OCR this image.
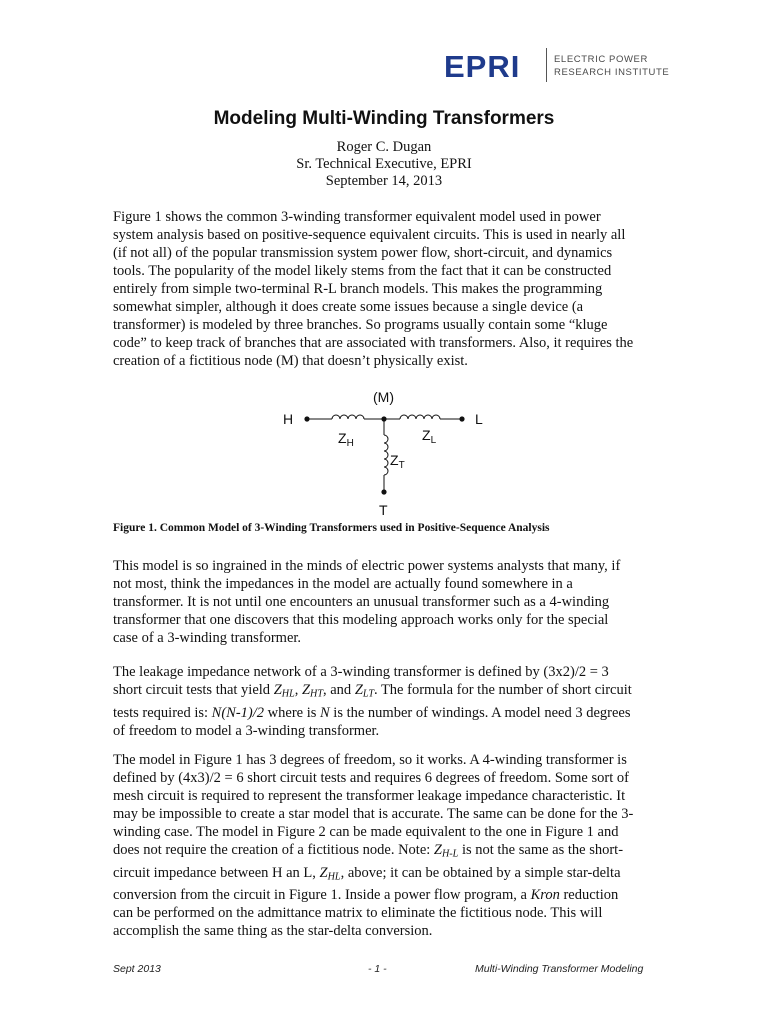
EPRI	ELECTRIC POWER
RESEARCH INSTITUTE
Modeling Multi-Winding Transformers
Roger C. Dugan
Sr. Technical Executive, EPRI
September 14, 2013
Figure 1 shows the common 3-winding transformer equivalent model used in power
system analysis based on positive-sequence equivalent circuits. This is used in nearly all
(if not all) of the popular transmission system power flow, short-circuit, and dynamics
tools. The popularity of the model likely stems from the fact that it can be constructed
entirely from simple two-terminal R-L branch models. This makes the programming
somewhat simpler, although it does create some issues because a single device (a
transformer) is modeled by three branches. So programs usually contain some “kluge
code” to keep track of branches that are associated with transformers. Also, it requires the
creation of a fictitious node (M) that doesn’t physically exist.
(M)
H	L
T
$Z_H$
$Z_L$
$Z_T$
Figure 1. Common Model of 3-Winding Transformers used in Positive-Sequence Analysis
This model is so ingrained in the minds of electric power systems analysts that many, if
not most, think the impedances in the model are actually found somewhere in a
transformer. It is not until one encounters an unusual transformer such as a 4-winding
transformer that one discovers that this modeling approach works only for the special
case of a 3-winding transformer.
The leakage impedance network of a 3-winding transformer is defined by (3x2)/2 = 3
short circuit tests that yield $Z_{HL}$, $Z_{HT}$, and $Z_{LT}$. The formula for the number of short circuit
tests required is: N(N-1)/2 where is N is the number of windings. A model need 3 degrees
of freedom to model a 3-winding transformer.
The model in Figure 1 has 3 degrees of freedom, so it works. A 4-winding transformer is
defined by (4x3)/2 = 6 short circuit tests and requires 6 degrees of freedom. Some sort of
mesh circuit is required to represent the transformer leakage impedance characteristic. It
may be impossible to create a star model that is accurate. The same can be done for the 3-
winding case. The model in Figure 2 can be made equivalent to the one in Figure 1 and
does not require the creation of a fictitious node. Note: $Z_{H-L}$ is not the same as the short-
circuit impedance between H an L, $Z_{HL}$, above; it can be obtained by a simple star-delta
conversion from the circuit in Figure 1. Inside a power flow program, a Kron reduction
can be performed on the admittance matrix to eliminate the fictitious node. This will
accomplish the same thing as the star-delta conversion.
Sept 2013	- 1 -	Multi-Winding Transformer Modeling
